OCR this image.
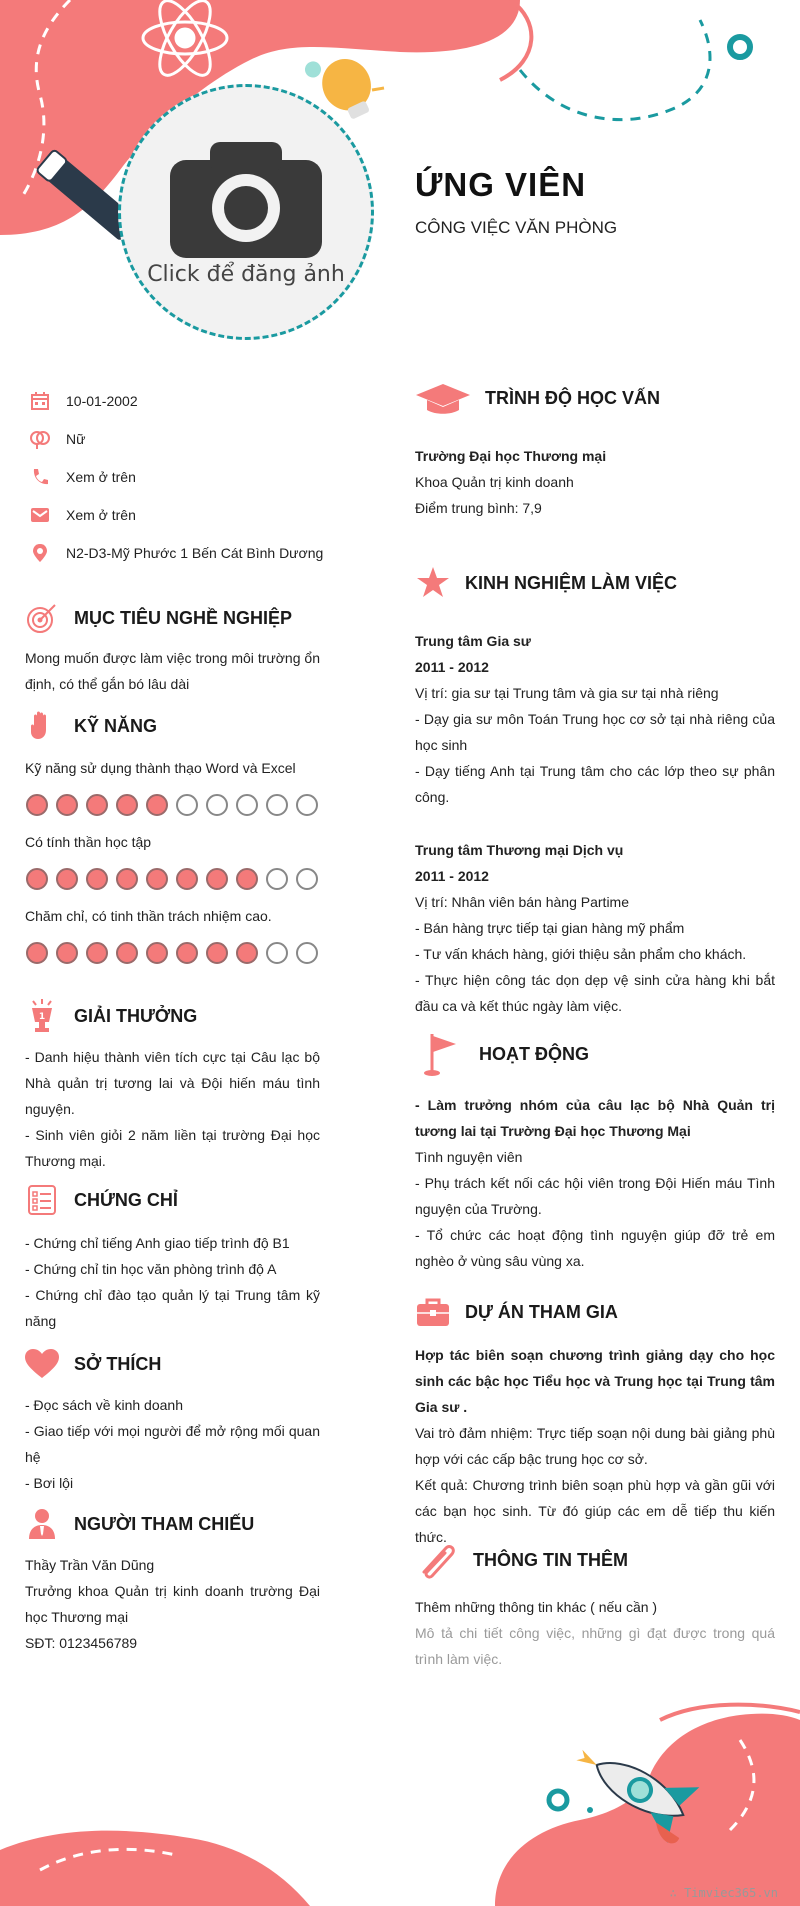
Click để đăng ảnh
ỨNG VIÊN
CÔNG VIỆC VĂN PHÒNG
10-01-2002
Nữ
Xem ở trên
Xem ở trên
N2-D3-Mỹ Phước 1 Bến Cát Bình Dương
MỤC TIÊU NGHỀ NGHIỆP
Mong muốn được làm việc trong môi trường ổn định, có thể gắn bó lâu dài
KỸ NĂNG
Kỹ năng sử dụng thành thạo Word và Excel
Có tính thần học tập
Chăm chỉ, có tinh thần trách nhiệm cao.
1 GIẢI THƯỞNG

- Danh hiệu thành viên tích cực tại Câu lạc bộ Nhà quản trị tương lai và Đội hiến máu tình nguyện.

- Sinh viên giỏi 2 năm liền tại trường Đại học Thương mại.

CHỨNG CHỈ

- Chứng chỉ tiếng Anh giao tiếp trình độ B1

- Chứng chỉ tin học văn phòng trình độ A

- Chứng chỉ đào tạo quản lý tại Trung tâm kỹ năng

SỞ THÍCH

- Đọc sách về kinh doanh

- Giao tiếp với mọi người để mở rộng mối quan hệ

- Bơi lội

NGƯỜI THAM CHIẾU

Thầy Trần Văn Dũng

Trưởng khoa Quản trị kinh doanh trường Đại học Thương mại

SĐT: 0123456789

TRÌNH ĐỘ HỌC VẤN

Trường Đại học Thương mại

Khoa Quản trị kinh doanh

Điểm trung bình: 7,9

KINH NGHIỆM LÀM VIỆC

Trung tâm Gia sư

2011 - 2012

Vị trí: gia sư tại Trung tâm và gia sư tại nhà riêng

- Dạy gia sư môn Toán Trung học cơ sở tại nhà riêng của học sinh

- Dạy tiếng Anh tại Trung tâm cho các lớp theo sự phân công.

Trung tâm Thương mại Dịch vụ

2011 - 2012

Vị trí: Nhân viên bán hàng Partime

- Bán hàng trực tiếp tại gian hàng mỹ phẩm

- Tư vấn khách hàng, giới thiệu sản phẩm cho khách.

- Thực hiện công tác dọn dẹp vệ sinh cửa hàng khi bắt đầu ca và kết thúc ngày làm việc.

HOẠT ĐỘNG

- Làm trưởng nhóm của câu lạc bộ Nhà Quản trị tương lai tại Trường Đại học Thương Mại

Tình nguyện viên

- Phụ trách kết nối các hội viên trong Đội Hiến máu Tình nguyện của Trường.

- Tổ chức các hoạt động tình nguyện giúp đỡ trẻ em nghèo ở vùng sâu vùng xa.

DỰ ÁN THAM GIA

Hợp tác biên soạn chương trình giảng dạy cho học sinh các bậc học Tiểu học và Trung học tại Trung tâm Gia sư .

Vai trò đảm nhiệm: Trực tiếp soạn nội dung bài giảng phù hợp với các cấp bậc trung học cơ sở.

Kết quả: Chương trình biên soạn phù hợp và gần gũi với các bạn học sinh. Từ đó giúp các em dễ tiếp thu kiến thức.

THÔNG TIN THÊM

Thêm những thông tin khác ( nếu cần )

Mô tả chi tiết công việc, những gì đạt được trong quá trình làm việc.

∴ Timviec365.vn
